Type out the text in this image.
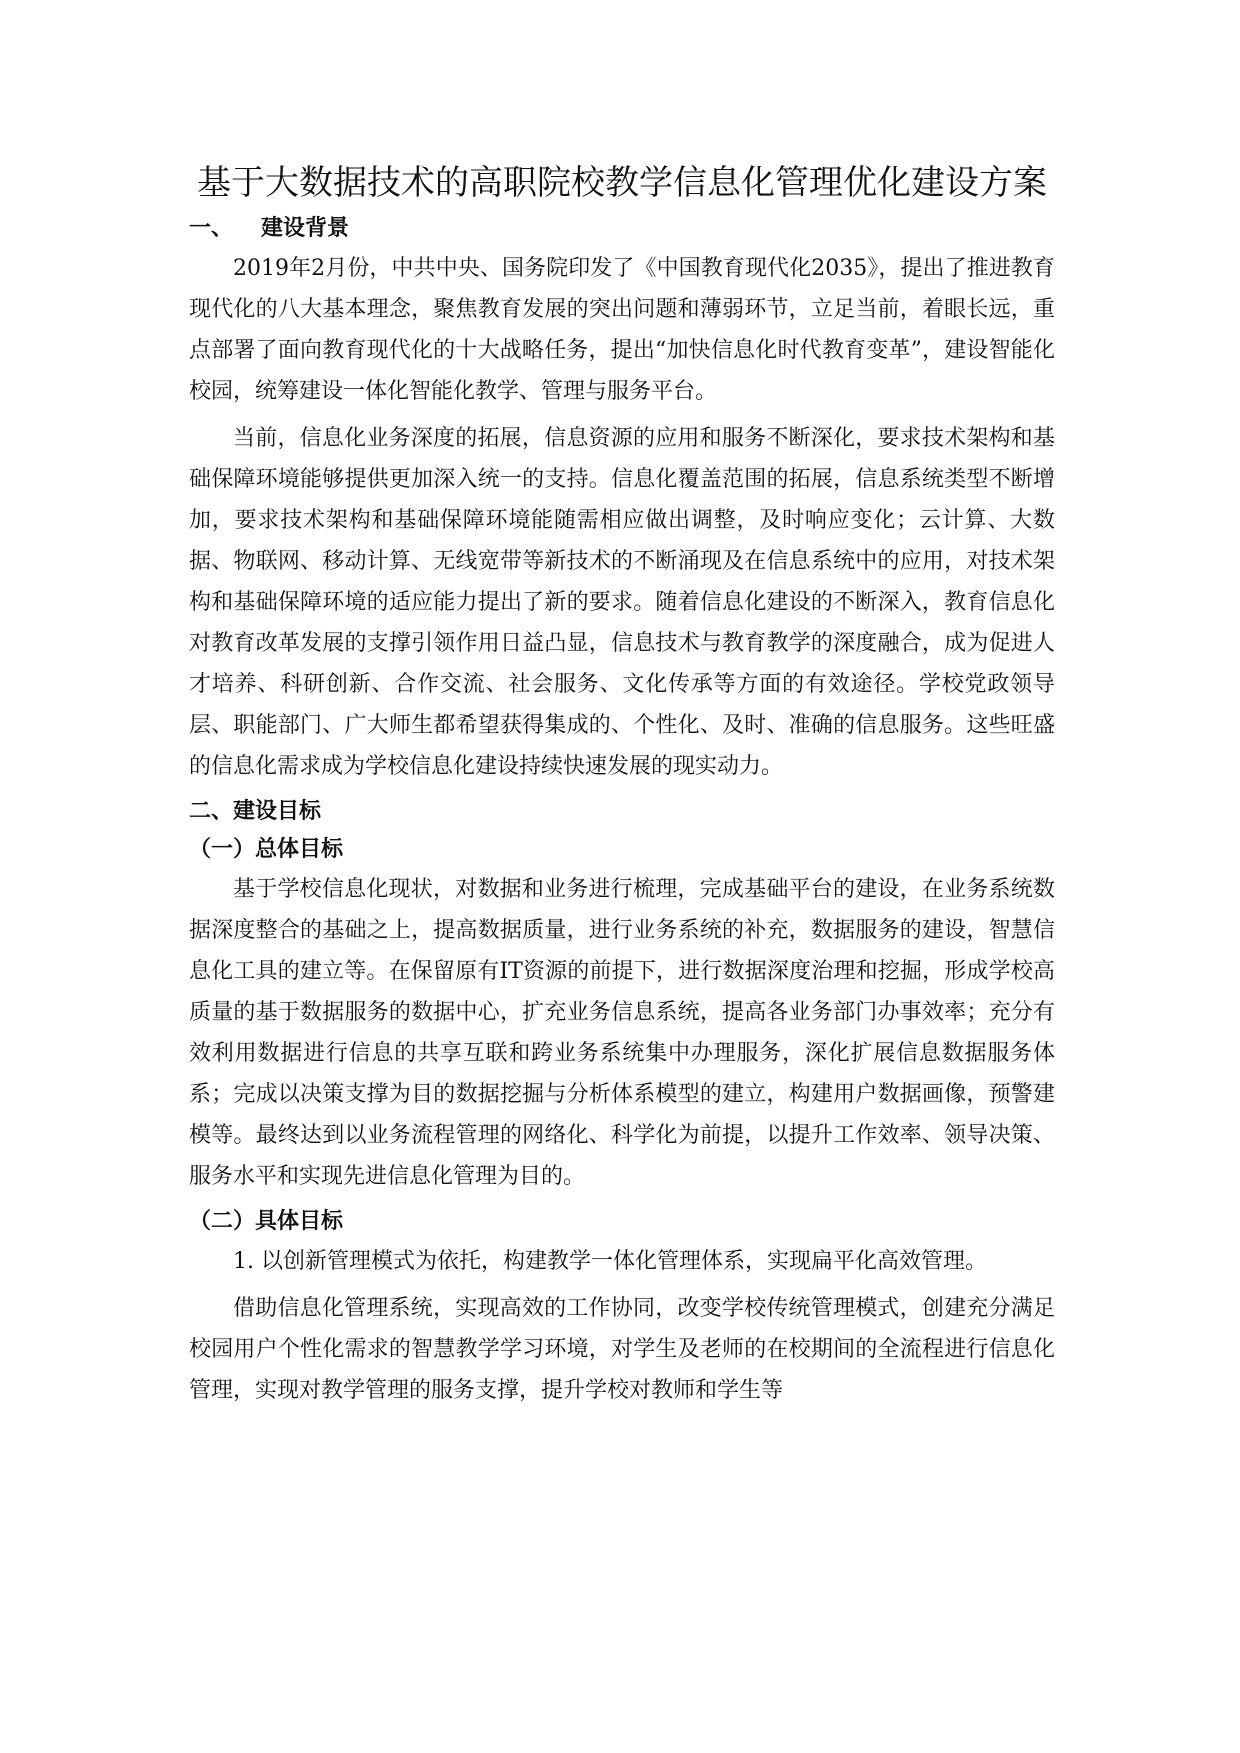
基于大数据技术的高职院校教学信息化管理优化建设方案
一、 建设背景

2019年2月份，中共中央、国务院印发了《中国教育现代化2035》，提出了推进教育现代化的八大基本理念，聚焦教育发展的突出问题和薄弱环节，立足当前，着眼长远，重点部署了面向教育现代化的十大战略任务，提出“加快信息化时代教育变革”，建设智能化校园，统筹建设一体化智能化教学、管理与服务平台。

当前，信息化业务深度的拓展，信息资源的应用和服务不断深化，要求技术架构和基础保障环境能够提供更加深入统一的支持。信息化覆盖范围的拓展，信息系统类型不断增加，要求技术架构和基础保障环境能随需相应做出调整，及时响应变化；云计算、大数据、物联网、移动计算、无线宽带等新技术的不断涌现及在信息系统中的应用，对技术架构和基础保障环境的适应能力提出了新的要求。随着信息化建设的不断深入，教育信息化对教育改革发展的支撑引领作用日益凸显，信息技术与教育教学的深度融合，成为促进人才培养、科研创新、合作交流、社会服务、文化传承等方面的有效途径。学校党政领导层、职能部门、广大师生都希望获得集成的、个性化、及时、准确的信息服务。这些旺盛的信息化需求成为学校信息化建设持续快速发展的现实动力。

二、建设目标
（一）总体目标

基于学校信息化现状，对数据和业务进行梳理，完成基础平台的建设，在业务系统数据深度整合的基础之上，提高数据质量，进行业务系统的补充，数据服务的建设，智慧信息化工具的建立等。在保留原有IT资源的前提下，进行数据深度治理和挖掘，形成学校高质量的基于数据服务的数据中心，扩充业务信息系统，提高各业务部门办事效率；充分有效利用数据进行信息的共享互联和跨业务系统集中办理服务，深化扩展信息数据服务体系；完成以决策支撑为目的数据挖掘与分析体系模型的建立，构建用户数据画像，预警建模等。最终达到以业务流程管理的网络化、科学化为前提，以提升工作效率、领导决策、服务水平和实现先进信息化管理为目的。

（二）具体目标

1. 以创新管理模式为依托，构建教学一体化管理体系，实现扁平化高效管理。

借助信息化管理系统，实现高效的工作协同，改变学校传统管理模式，创建充分满足校园用户个性化需求的智慧教学学习环境，对学生及老师的在校期间的全流程进行信息化管理，实现对教学管理的服务支撑，提升学校对教师和学生等
